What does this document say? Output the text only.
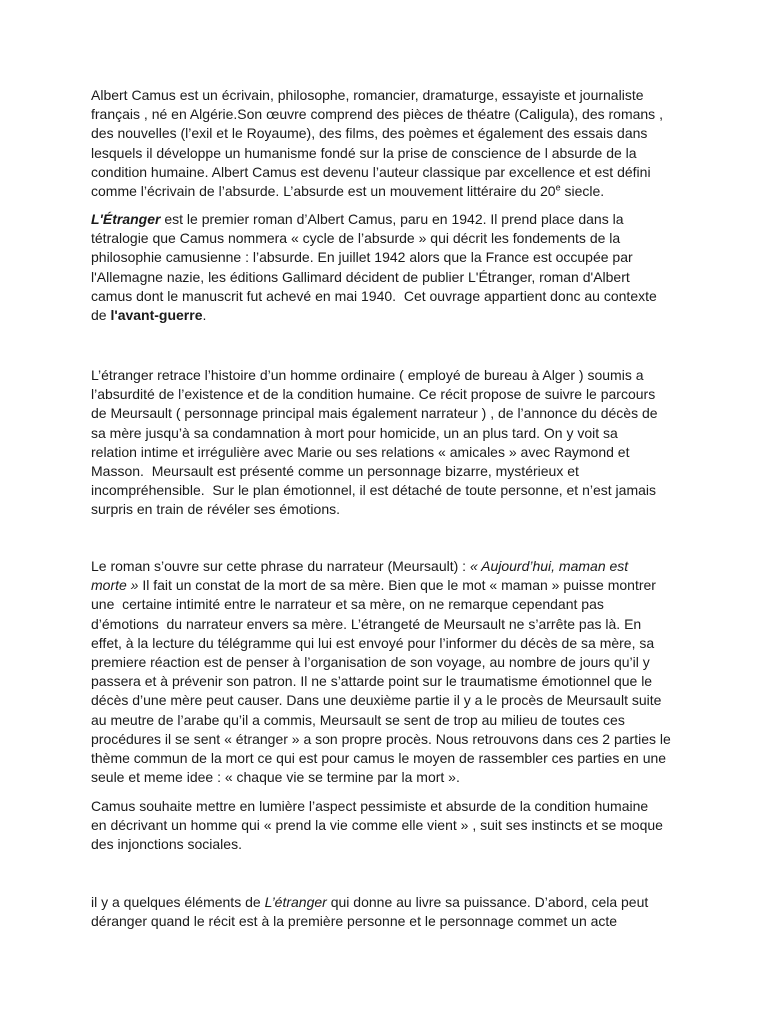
Albert Camus est un écrivain, philosophe, romancier, dramaturge, essayiste et journaliste
français , né en Algérie.Son œuvre comprend des pièces de théatre (Caligula), des romans ,
des nouvelles (l’exil et le Royaume), des films, des poèmes et également des essais dans
lesquels il développe un humanisme fondé sur la prise de conscience de l absurde de la
condition humaine. Albert Camus est devenu l’auteur classique par excellence et est défini
comme l’écrivain de l’absurde. L’absurde est un mouvement littéraire du 20e siecle.
L'Étranger est le premier roman d’Albert Camus, paru en 1942. Il prend place dans la
tétralogie que Camus nommera « cycle de l’absurde » qui décrit les fondements de la
philosophie camusienne : l’absurde. En juillet 1942 alors que la France est occupée par
l'Allemagne nazie, les éditions Gallimard décident de publier L'Étranger, roman d'Albert
camus dont le manuscrit fut achevé en mai 1940.  Cet ouvrage appartient donc au contexte
de l'avant-guerre.
L’étranger retrace l’histoire d’un homme ordinaire ( employé de bureau à Alger ) soumis a
l’absurdité de l’existence et de la condition humaine. Ce récit propose de suivre le parcours
de Meursault ( personnage principal mais également narrateur ) , de l’annonce du décès de
sa mère jusqu’à sa condamnation à mort pour homicide, un an plus tard. On y voit sa
relation intime et irrégulière avec Marie ou ses relations « amicales » avec Raymond et
Masson.  Meursault est présenté comme un personnage bizarre, mystérieux et
incompréhensible.  Sur le plan émotionnel, il est détaché de toute personne, et n’est jamais
surpris en train de révéler ses émotions.
Le roman s’ouvre sur cette phrase du narrateur (Meursault) : « Aujourd’hui, maman est
morte » Il fait un constat de la mort de sa mère. Bien que le mot « maman » puisse montrer
une  certaine intimité entre le narrateur et sa mère, on ne remarque cependant pas
d’émotions  du narrateur envers sa mère. L’étrangeté de Meursault ne s’arrête pas là. En
effet, à la lecture du télégramme qui lui est envoyé pour l’informer du décès de sa mère, sa
premiere réaction est de penser à l’organisation de son voyage, au nombre de jours qu’il y
passera et à prévenir son patron. Il ne s’attarde point sur le traumatisme émotionnel que le
décès d’une mère peut causer. Dans une deuxième partie il y a le procès de Meursault suite
au meutre de l’arabe qu’il a commis, Meursault se sent de trop au milieu de toutes ces
procédures il se sent « étranger » a son propre procès. Nous retrouvons dans ces 2 parties le
thème commun de la mort ce qui est pour camus le moyen de rassembler ces parties en une
seule et meme idee : « chaque vie se termine par la mort ».
Camus souhaite mettre en lumière l’aspect pessimiste et absurde de la condition humaine
en décrivant un homme qui « prend la vie comme elle vient » , suit ses instincts et se moque
des injonctions sociales.
il y a quelques éléments de L’étranger qui donne au livre sa puissance. D’abord, cela peut
déranger quand le récit est à la première personne et le personnage commet un acte
